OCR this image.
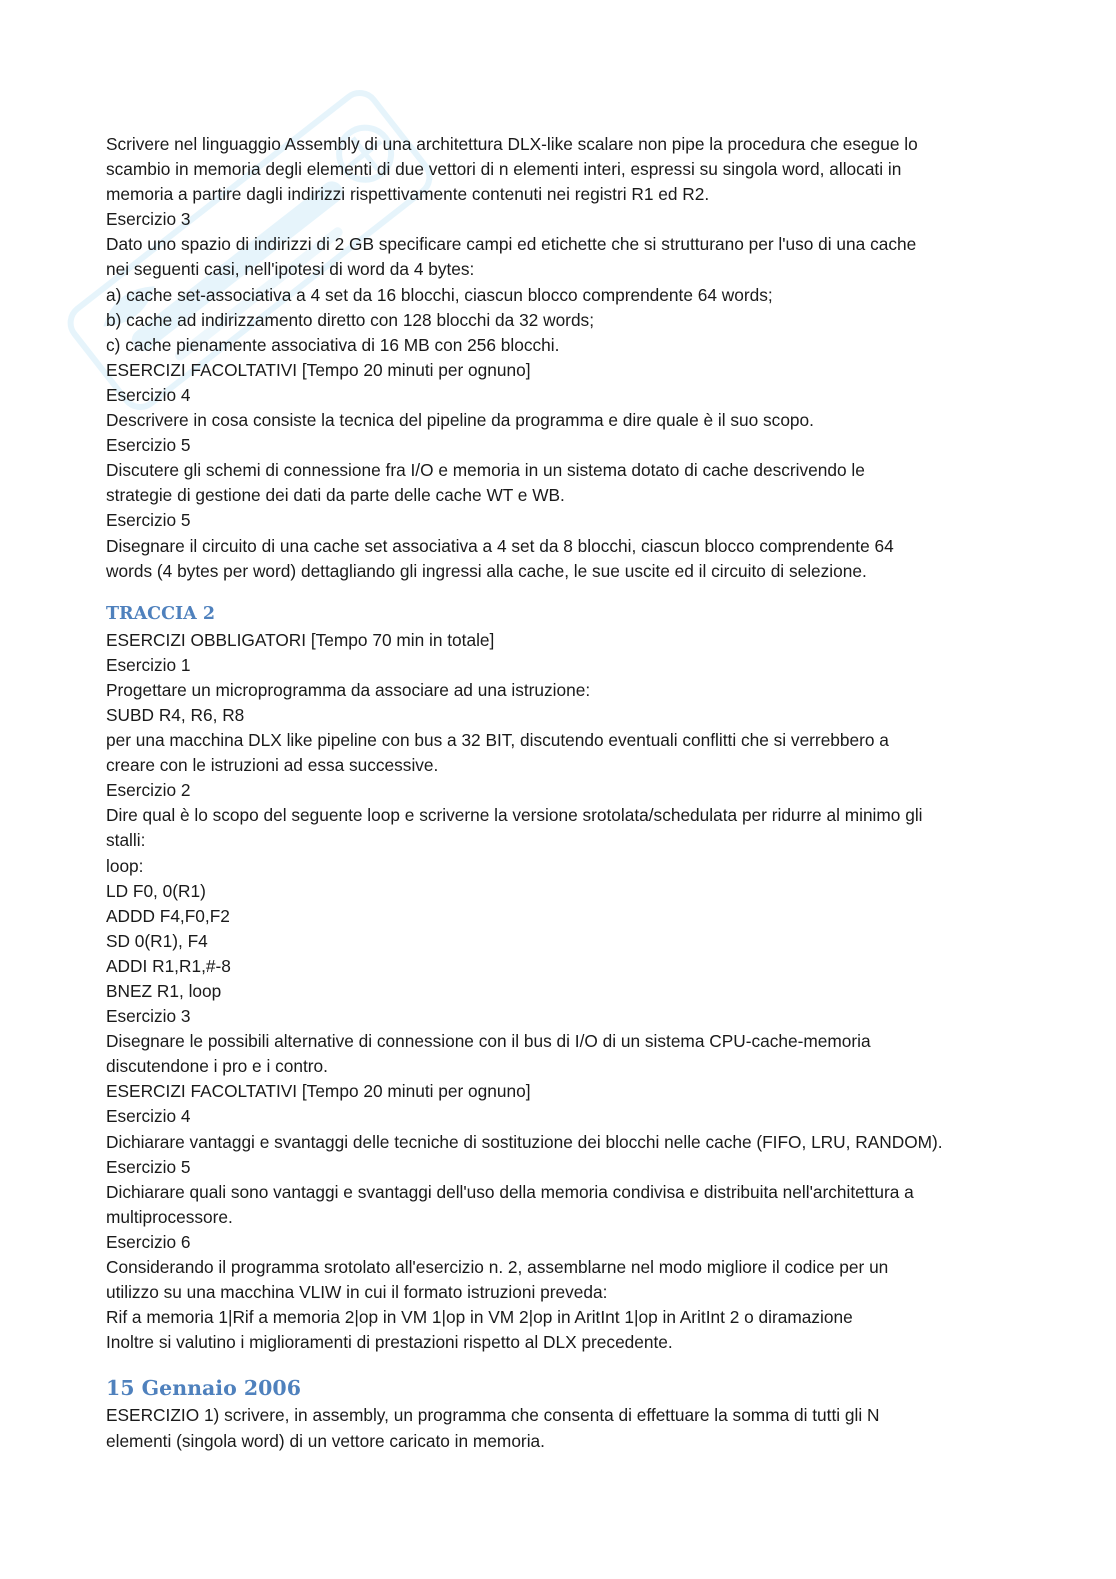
Scrivere nel linguaggio Assembly di una architettura DLX-like scalare non pipe la procedura che esegue lo
scambio in memoria degli elementi di due vettori di n elementi interi, espressi su singola word, allocati in
memoria a partire dagli indirizzi rispettivamente contenuti nei registri R1 ed R2.
Esercizio 3
Dato uno spazio di indirizzi di 2 GB specificare campi ed etichette che si strutturano per l'uso di una cache
nei seguenti casi, nell'ipotesi di word da 4 bytes:
a) cache set-associativa a 4 set da 16 blocchi, ciascun blocco comprendente 64 words;
b) cache ad indirizzamento diretto con 128 blocchi da 32 words;
c) cache pienamente associativa di 16 MB con 256 blocchi.
ESERCIZI FACOLTATIVI [Tempo 20 minuti per ognuno]
Esercizio 4
Descrivere in cosa consiste la tecnica del pipeline da programma e dire quale è il suo scopo.
Esercizio 5
Discutere gli schemi di connessione fra I/O e memoria in un sistema dotato di cache descrivendo le
strategie di gestione dei dati da parte delle cache WT e WB.
Esercizio 5
Disegnare il circuito di una cache set associativa a 4 set da 8 blocchi, ciascun blocco comprendente 64
words (4 bytes per word) dettagliando gli ingressi alla cache, le sue uscite ed il circuito di selezione.
TRACCIA 2
ESERCIZI OBBLIGATORI [Tempo 70 min in totale]
Esercizio 1
Progettare un microprogramma da associare ad una istruzione:
SUBD R4, R6, R8
per una macchina DLX like pipeline con bus a 32 BIT, discutendo eventuali conflitti che si verrebbero a
creare con le istruzioni ad essa successive.
Esercizio 2
Dire qual è lo scopo del seguente loop e scriverne la versione srotolata/schedulata per ridurre al minimo gli
stalli:
loop:
LD F0, 0(R1)
ADDD F4,F0,F2
SD 0(R1), F4
ADDI R1,R1,#-8
BNEZ R1, loop
Esercizio 3
Disegnare le possibili alternative di connessione con il bus di I/O di un sistema CPU-cache-memoria
discutendone i pro e i contro.
ESERCIZI FACOLTATIVI [Tempo 20 minuti per ognuno]
Esercizio 4
Dichiarare vantaggi e svantaggi delle tecniche di sostituzione dei blocchi nelle cache (FIFO, LRU, RANDOM).
Esercizio 5
Dichiarare quali sono vantaggi e svantaggi dell'uso della memoria condivisa e distribuita nell'architettura a
multiprocessore.
Esercizio 6
Considerando il programma srotolato all'esercizio n. 2, assemblarne nel modo migliore il codice per un
utilizzo su una macchina VLIW in cui il formato istruzioni preveda:
Rif a memoria 1|Rif a memoria 2|op in VM 1|op in VM 2|op in AritInt 1|op in AritInt 2 o diramazione
Inoltre si valutino i miglioramenti di prestazioni rispetto al DLX precedente.
15 Gennaio 2006
ESERCIZIO 1) scrivere, in assembly, un programma che consenta di effettuare la somma di tutti gli N
elementi (singola word) di un vettore caricato in memoria.
